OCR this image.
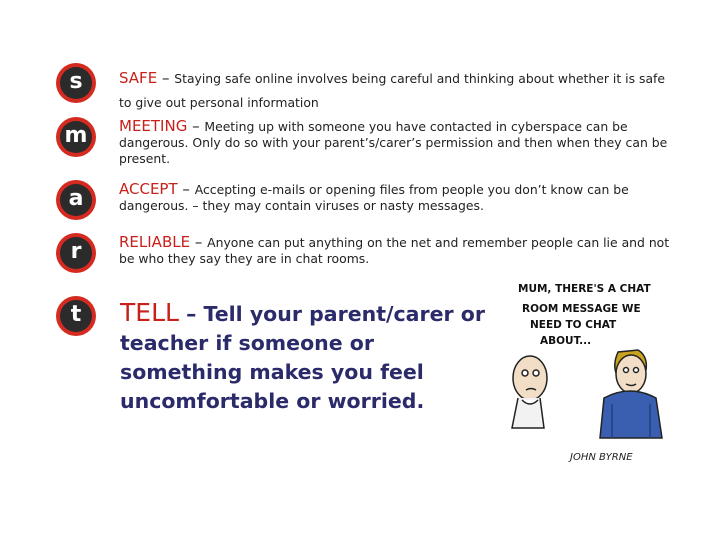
s
m
a
r
t
SAFE – Staying safe online involves being careful and thinking about whether it is safe to give out personal information
MEETING – Meeting up with someone you have contacted in cyberspace can be dangerous. Only do so with your parent’s/carer’s permission and then when they can be present.
ACCEPT – Accepting e-mails or opening files from people you don’t know can be dangerous. – they may contain viruses or nasty messages.
RELIABLE – Anyone can put anything on the net and remember people can lie and not be who they say they are in chat rooms.
TELL – Tell your parent/carer or teacher if someone or something makes you feel uncomfortable or worried.
MUM, THERE'S A CHAT
ROOM MESSAGE WE
NEED TO CHAT
ABOUT...
JOHN BYRNE
